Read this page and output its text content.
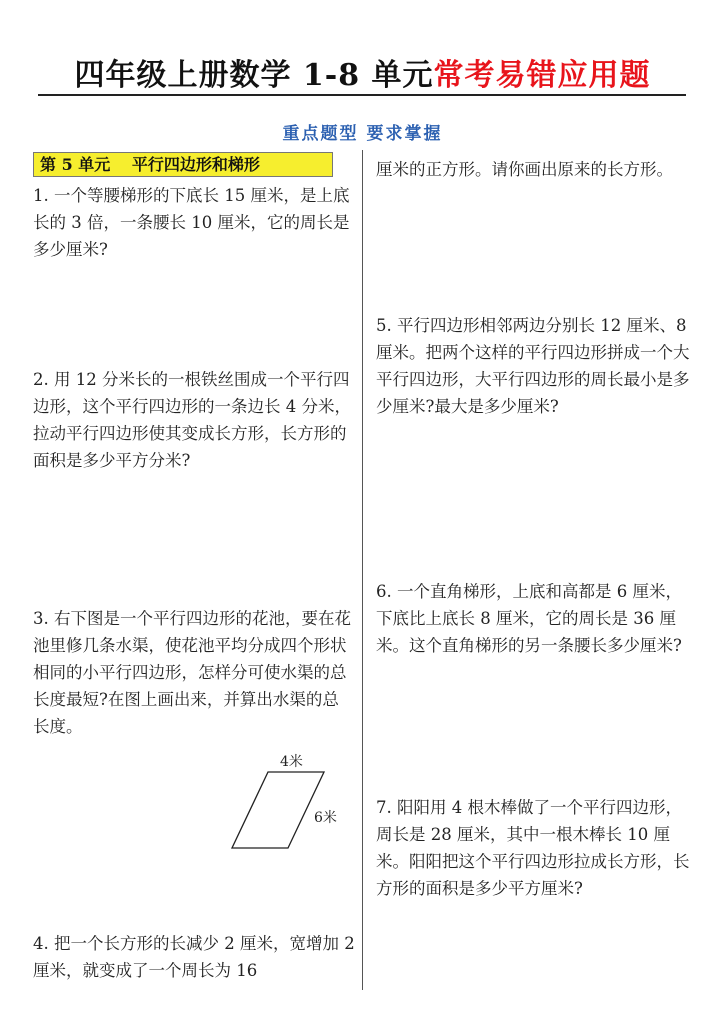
四年级上册数学 1-8 单元常考易错应用题
重点题型 要求掌握
第 5 单元　 平行四边形和梯形

1. 一个等腰梯形的下底长 15 厘米，是上底长的 3 倍，一条腰长 10 厘米，它的周长是多少厘米?

2. 用 12 分米长的一根铁丝围成一个平行四边形，这个平行四边形的一条边长 4 分米，拉动平行四边形使其变成长方形，长方形的面积是多少平方分米?

3. 右下图是一个平行四边形的花池，要在花池里修几条水渠，使花池平均分成四个形状相同的小平行四边形，怎样分可使水渠的总长度最短?在图上画出来，并算出水渠的总长度。

4米
6米

4. 把一个长方形的长减少 2 厘米，宽增加 2 厘米，就变成了一个周长为 16

厘米的正方形。请你画出原来的长方形。

5. 平行四边形相邻两边分别长 12 厘米、8 厘米。把两个这样的平行四边形拼成一个大平行四边形，大平行四边形的周长最小是多少厘米?最大是多少厘米?

6. 一个直角梯形，上底和高都是 6 厘米，下底比上底长 8 厘米，它的周长是 36 厘米。这个直角梯形的另一条腰长多少厘米?

7. 阳阳用 4 根木棒做了一个平行四边形，周长是 28 厘米，其中一根木棒长 10 厘米。阳阳把这个平行四边形拉成长方形，长方形的面积是多少平方厘米?
